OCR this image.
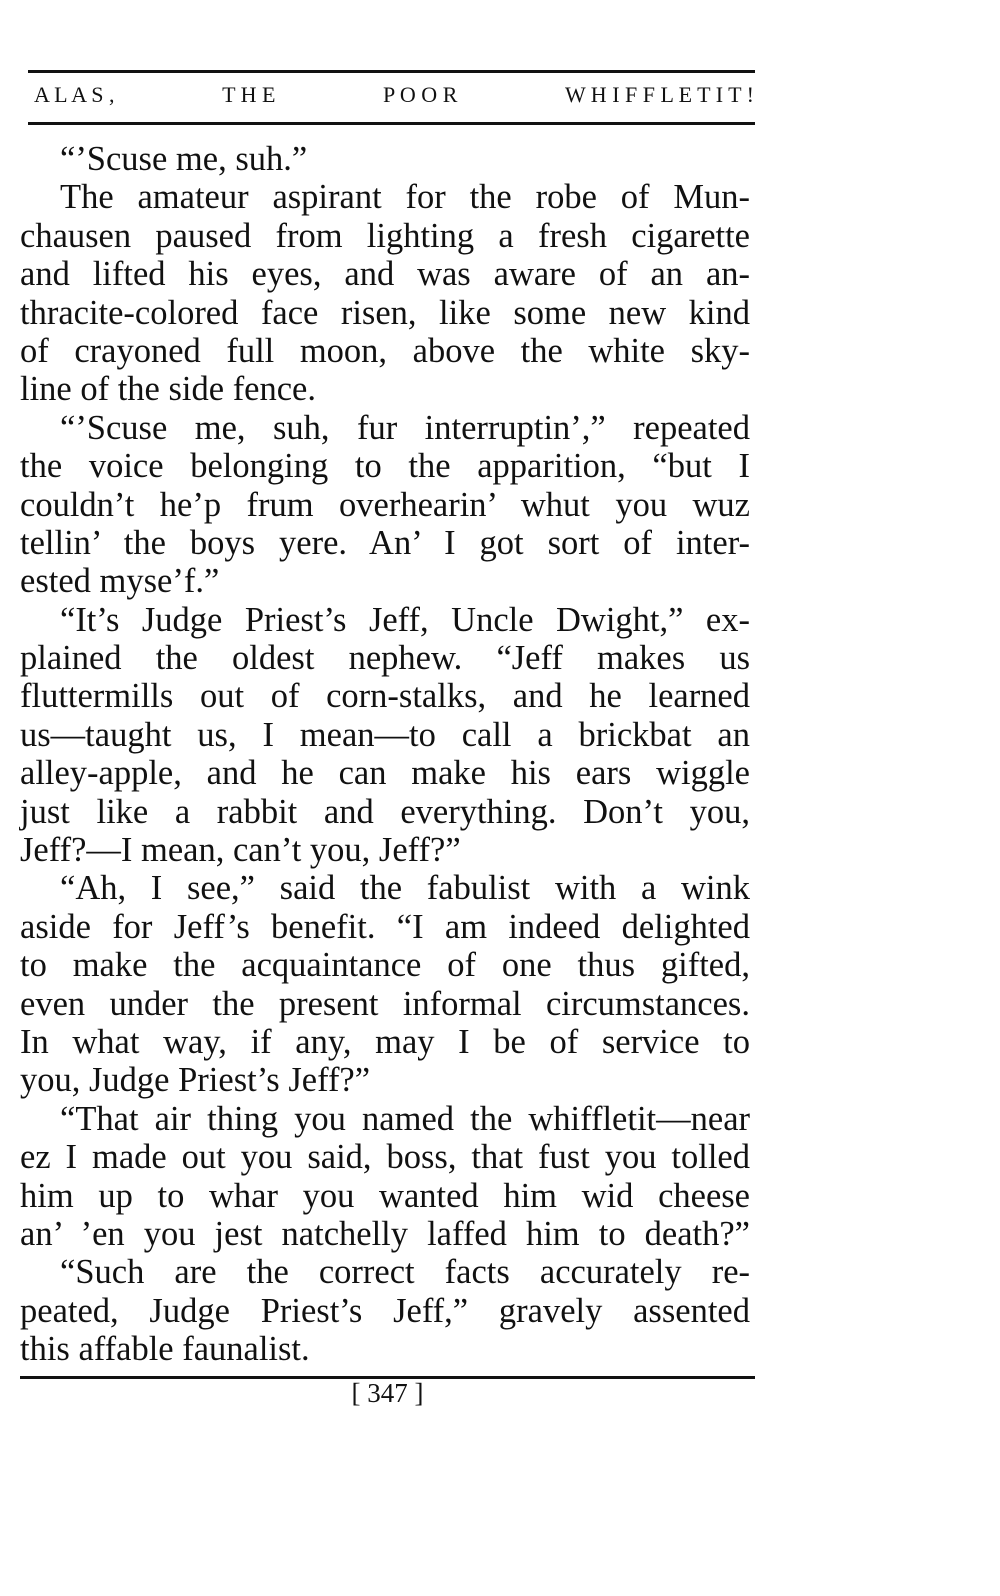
A L A S ,	T H E	P O O R	W H I F F L E T I T !
“’Scuse me, suh.”
The amateur aspirant for the robe of Mun-
chausen paused from lighting a fresh cigarette
and lifted his eyes, and was aware of an an-
thracite-colored face risen, like some new kind
of crayoned full moon, above the white sky-
line of the side fence.
“’Scuse me, suh, fur interruptin’,” repeated
the voice belonging to the apparition, “but I
couldn’t he’p frum overhearin’ whut you wuz
tellin’ the boys yere. An’ I got sort of inter-
ested myse’f.”
“It’s Judge Priest’s Jeff, Uncle Dwight,” ex-
plained the oldest nephew. “Jeff makes us
fluttermills out of corn-stalks, and he learned
us—taught us, I mean—to call a brickbat an
alley-apple, and he can make his ears wiggle
just like a rabbit and everything. Don’t you,
Jeff?—I mean, can’t you, Jeff?”
“Ah, I see,” said the fabulist with a wink
aside for Jeff’s benefit. “I am indeed delighted
to make the acquaintance of one thus gifted,
even under the present informal circumstances.
In what way, if any, may I be of service to
you, Judge Priest’s Jeff?”
“That air thing you named the whiffletit—near
ez I made out you said, boss, that fust you tolled
him up to whar you wanted him wid cheese
an’ ’en you jest natchelly laffed him to death?”
“Such are the correct facts accurately re-
peated, Judge Priest’s Jeff,” gravely assented
this affable faunalist.
[ 347 ]
